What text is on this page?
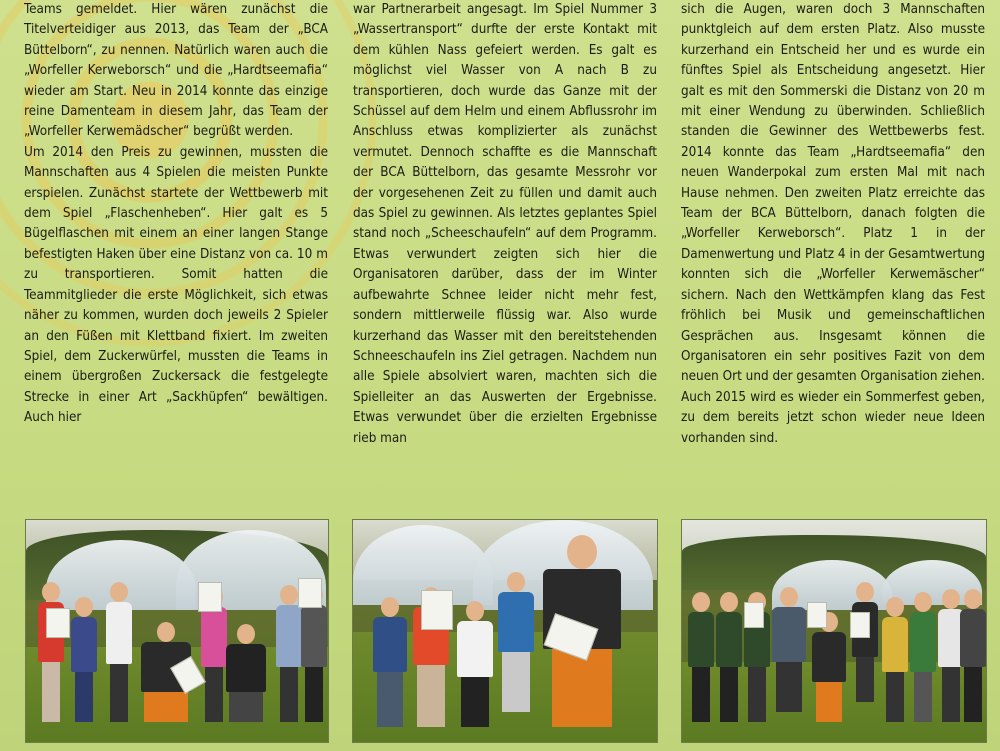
Teams gemeldet. Hier wären zunächst die Titelverteidiger aus 2013, das Team der „BCA Büttelborn“, zu nennen. Natürlich waren auch die „Worfeller Kerweborsch“ und die „Hardtseemafia“ wieder am Start. Neu in 2014 konnte das einzige reine Damenteam in diesem Jahr, das Team der „Worfeller Kerwemädscher“ begrüßt werden.

Um 2014 den Preis zu gewinnen, mussten die Mannschaften aus 4 Spielen die meisten Punkte erspielen. Zunächst startete der Wettbewerb mit dem Spiel „Flaschenheben“. Hier galt es 5 Bügelflaschen mit einem an einer langen Stange befestigten Haken über eine Distanz von ca. 10 m zu transportieren. Somit hatten die Teammitglieder die erste Möglichkeit, sich etwas näher zu kommen, wurden doch jeweils 2 Spieler an den Füßen mit Klettband fixiert. Im zweiten Spiel, dem Zuckerwürfel, mussten die Teams in einem übergroßen Zuckersack die festgelegte Strecke in einer Art „Sackhüpfen“ bewältigen. Auch hier

war Partnerarbeit angesagt. Im Spiel Nummer 3 „Wassertransport“ durfte der erste Kontakt mit dem kühlen Nass gefeiert werden. Es galt es möglichst viel Wasser von A nach B zu transportieren, doch wurde das Ganze mit der Schüssel auf dem Helm und einem Abflussrohr im Anschluss etwas komplizierter als zunächst vermutet. Dennoch schaffte es die Mannschaft der BCA Büttelborn, das gesamte Messrohr vor der vorgesehenen Zeit zu füllen und damit auch das Spiel zu gewinnen. Als letztes geplantes Spiel stand noch „Scheeschaufeln“ auf dem Programm. Etwas verwundert zeigten sich hier die Organisatoren darüber, dass der im Winter aufbewahrte Schnee leider nicht mehr fest, sondern mittlerweile flüssig war. Also wurde kurzerhand das Wasser mit den bereitstehenden Schneeschaufeln ins Ziel getragen. Nachdem nun alle Spiele absolviert waren, machten sich die Spielleiter an das Auswerten der Ergebnisse. Etwas verwundet über die erzielten Ergebnisse rieb man

sich die Augen, waren doch 3 Mannschaften punktgleich auf dem ersten Platz. Also musste kurzerhand ein Entscheid her und es wurde ein fünftes Spiel als Entscheidung angesetzt. Hier galt es mit den Sommerski die Distanz von 20 m mit einer Wendung zu überwinden. Schließlich standen die Gewinner des Wettbewerbs fest. 2014 konnte das Team „Hardtseemafia“ den neuen Wanderpokal zum ersten Mal mit nach Hause nehmen. Den zweiten Platz erreichte das Team der BCA Büttelborn, danach folgten die „Worfeller Kerweborsch“. Platz 1 in der Damenwertung und Platz 4 in der Gesamtwertung konnten sich die „Worfeller Kerwemäscher“ sichern. Nach den Wettkämpfen klang das Fest fröhlich bei Musik und gemeinschaftlichen Gesprächen aus. Insgesamt können die Organisatoren ein sehr positives Fazit von dem neuen Ort und der gesamten Organisation ziehen. Auch 2015 wird es wieder ein Sommerfest geben, zu dem bereits jetzt schon wieder neue Ideen vorhanden sind.
